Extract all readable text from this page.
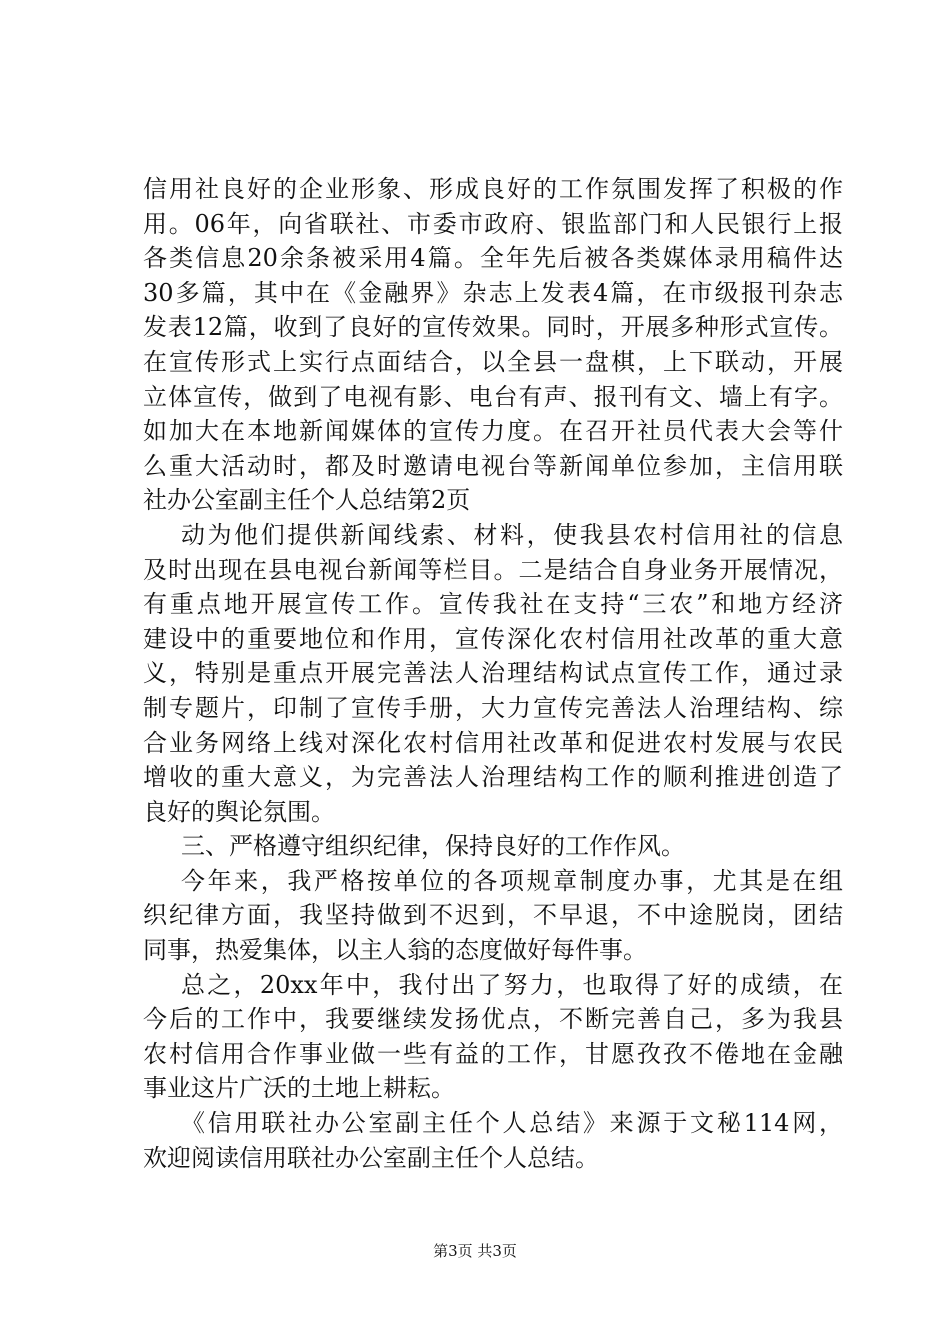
信用社良好的企业形象、形成良好的工作氛围发挥了积极的作
用。06年，向省联社、市委市政府、银监部门和人民银行上报
各类信息20余条被采用4篇。全年先后被各类媒体录用稿件达
30多篇，其中在《金融界》杂志上发表4篇，在市级报刊杂志
发表12篇，收到了良好的宣传效果。同时，开展多种形式宣传。
在宣传形式上实行点面结合，以全县一盘棋，上下联动，开展
立体宣传，做到了电视有影、电台有声、报刊有文、墙上有字。
如加大在本地新闻媒体的宣传力度。在召开社员代表大会等什
么重大活动时，都及时邀请电视台等新闻单位参加，主信用联
社办公室副主任个人总结第2页
动为他们提供新闻线索、材料，使我县农村信用社的信息
及时出现在县电视台新闻等栏目。二是结合自身业务开展情况，
有重点地开展宣传工作。宣传我社在支持“三农”和地方经济
建设中的重要地位和作用，宣传深化农村信用社改革的重大意
义，特别是重点开展完善法人治理结构试点宣传工作，通过录
制专题片，印制了宣传手册，大力宣传完善法人治理结构、综
合业务网络上线对深化农村信用社改革和促进农村发展与农民
增收的重大意义，为完善法人治理结构工作的顺利推进创造了
良好的舆论氛围。
三、严格遵守组织纪律，保持良好的工作作风。
今年来，我严格按单位的各项规章制度办事，尤其是在组
织纪律方面，我坚持做到不迟到，不早退，不中途脱岗，团结
同事，热爱集体，以主人翁的态度做好每件事。
总之，20xx年中，我付出了努力，也取得了好的成绩，在
今后的工作中，我要继续发扬优点，不断完善自己，多为我县
农村信用合作事业做一些有益的工作，甘愿孜孜不倦地在金融
事业这片广沃的土地上耕耘。
《信用联社办公室副主任个人总结》来源于文秘114网，
欢迎阅读信用联社办公室副主任个人总结。
第3页 共3页
